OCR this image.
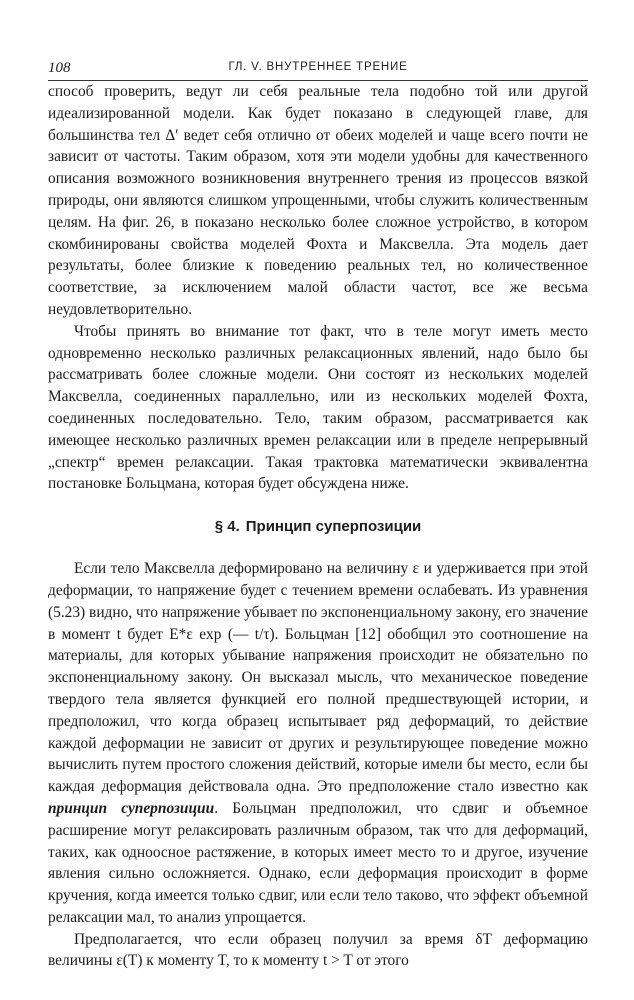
108	ГЛ. V. ВНУТРЕННЕЕ ТРЕНИЕ

способ проверить, ведут ли себя реальные тела подобно той или другой идеализированной модели. Как будет показано в следующей главе, для большинства тел Δ′ ведет себя отлично от обеих моделей и чаще всего почти не зависит от частоты. Таким образом, хотя эти модели удобны для качественного описания возможного возникновения внутреннего трения из процессов вязкой природы, они являются слишком упрощенными, чтобы служить количественным целям. На фиг. 26, в показано несколько более сложное устройство, в котором скомбинированы свойства моделей Фохта и Максвелла. Эта модель дает результаты, более близкие к поведению реальных тел, но количественное соответствие, за исключением малой области частот, все же весьма неудовлетворительно.

Чтобы принять во внимание тот факт, что в теле могут иметь место одновременно несколько различных релаксационных явлений, надо было бы рассматривать более сложные модели. Они состоят из нескольких моделей Максвелла, соединенных параллельно, или из нескольких моделей Фохта, соединенных последовательно. Тело, таким образом, рассматривается как имеющее несколько различных времен релаксации или в пределе непрерывный „спектр“ времен релаксации. Такая трактовка математически эквивалентна постановке Больцмана, которая будет обсуждена ниже.

§ 4. Принцип суперпозиции

Если тело Максвелла деформировано на величину ε и удерживается при этой деформации, то напряжение будет с течением времени ослабевать. Из уравнения (5.23) видно, что напряжение убывает по экспоненциальному закону, его значение в момент t будет E*ε exp (— t/τ). Больцман [12] обобщил это соотношение на материалы, для которых убывание напряжения происходит не обязательно по экспоненциальному закону. Он высказал мысль, что механическое поведение твердого тела является функцией его полной предшествующей истории, и предположил, что когда образец испытывает ряд деформаций, то действие каждой деформации не зависит от других и результирующее поведение можно вычислить путем простого сложения действий, которые имели бы место, если бы каждая деформация действовала одна. Это предположение стало известно как принцип суперпозиции. Больцман предположил, что сдвиг и объемное расширение могут релаксировать различным образом, так что для деформаций, таких, как одноосное растяжение, в которых имеет место то и другое, изучение явления сильно осложняется. Однако, если деформация происходит в форме кручения, когда имеется только сдвиг, или если тело таково, что эффект объемной релаксации мал, то анализ упрощается.

Предполагается, что если образец получил за время δT деформацию величины ε(T) к моменту T, то к моменту t > T от этого
